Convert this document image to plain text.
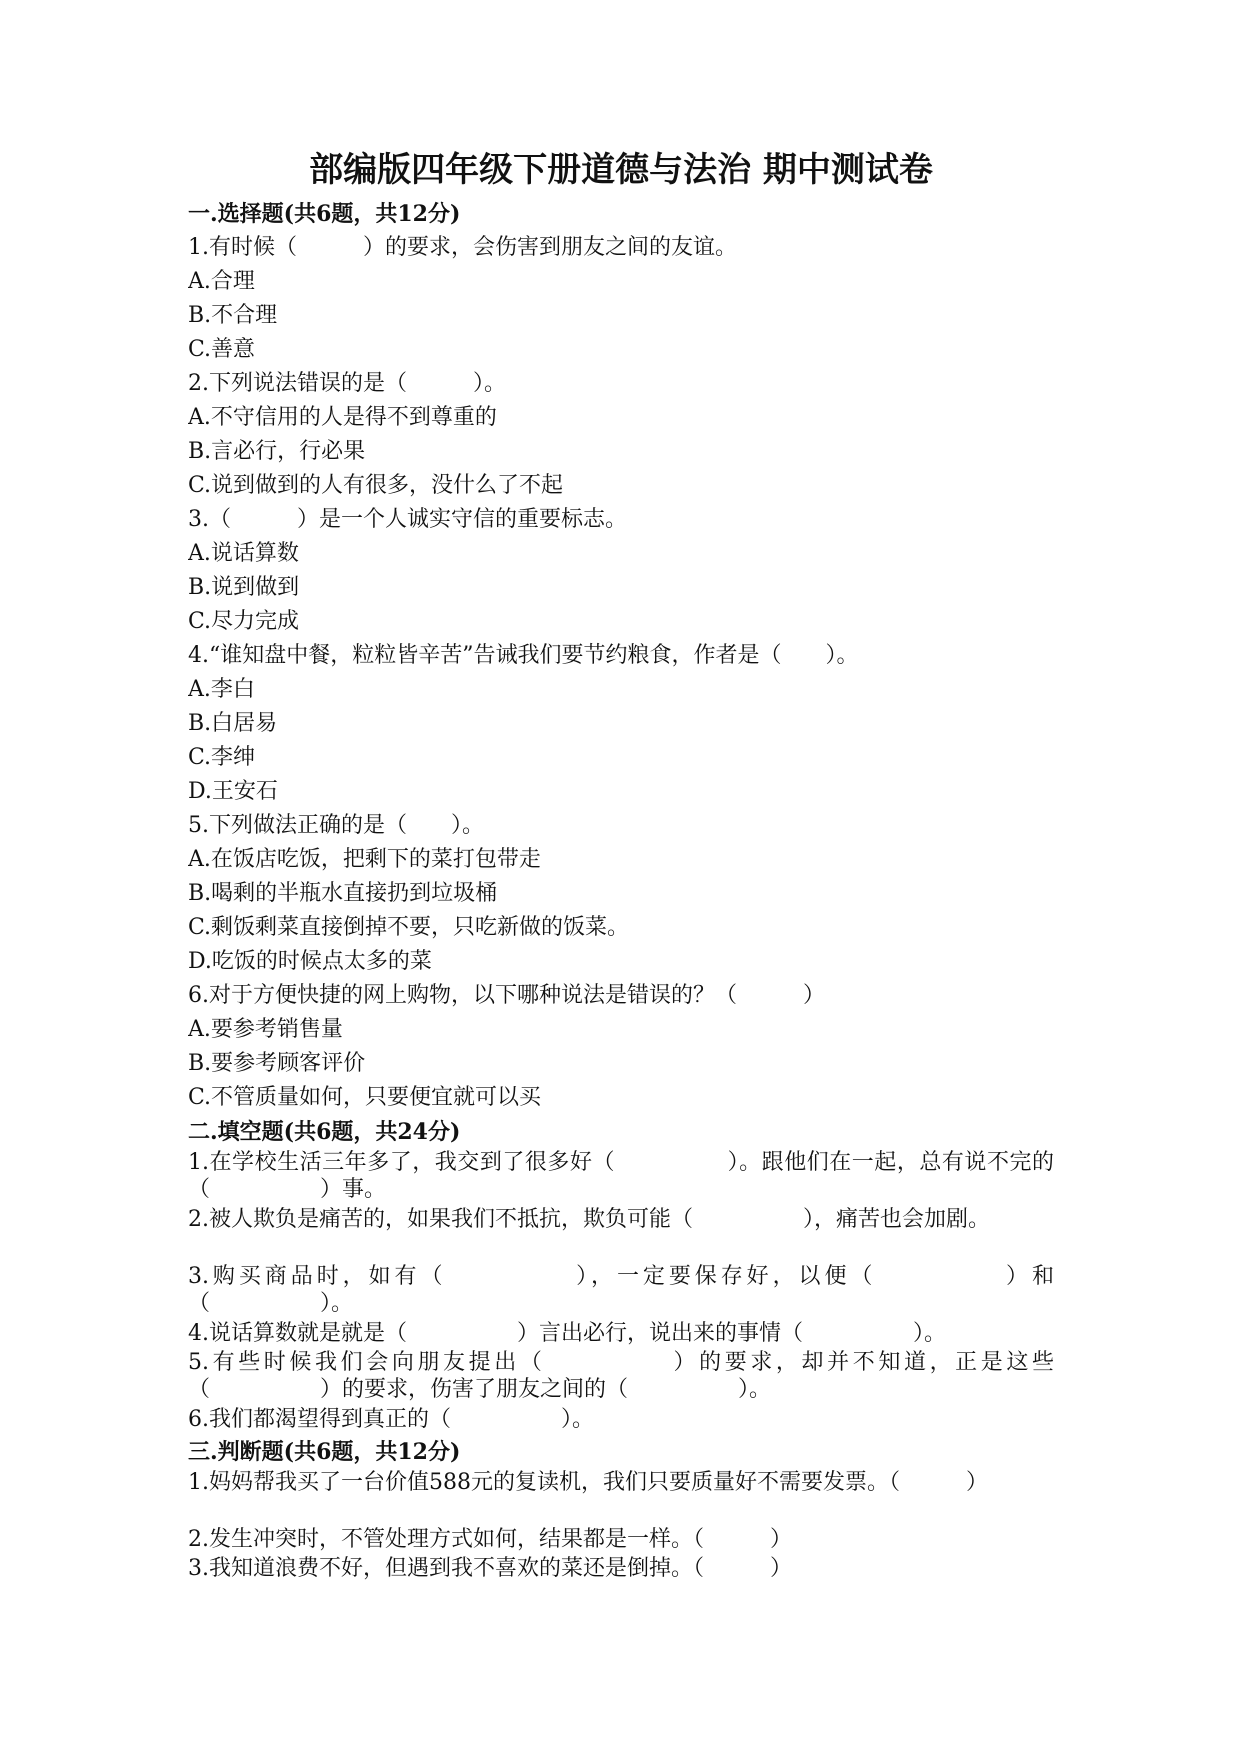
部编版四年级下册道德与法治 期中测试卷
一.选择题(共6题，共12分)
1.有时候（　　　）的要求，会伤害到朋友之间的友谊。
A.合理
B.不合理
C.善意
2.下列说法错误的是（　　　）。
A.不守信用的人是得不到尊重的
B.言必行，行必果
C.说到做到的人有很多，没什么了不起
3.（　　　）是一个人诚实守信的重要标志。
A.说话算数
B.说到做到
C.尽力完成
4.“谁知盘中餐，粒粒皆辛苦”告诫我们要节约粮食，作者是（　　）。
A.李白
B.白居易
C.李绅
D.王安石
5.下列做法正确的是（　　）。
A.在饭店吃饭，把剩下的菜打包带走
B.喝剩的半瓶水直接扔到垃圾桶
C.剩饭剩菜直接倒掉不要，只吃新做的饭菜。
D.吃饭的时候点太多的菜
6.对于方便快捷的网上购物，以下哪种说法是错误的？（　　　）
A.要参考销售量
B.要参考顾客评价
C.不管质量如何，只要便宜就可以买
二.填空题(共6题，共24分)
1.在学校生活三年多了，我交到了很多好（　　　　　）。跟他们在一起，总有说不完的（　　　　　）事。
2.被人欺负是痛苦的，如果我们不抵抗，欺负可能（　　　　　），痛苦也会加剧。
3.购买商品时，如有（　　　　　），一定要保存好，以便（　　　　　）和（　　　　　）。
4.说话算数就是就是（　　　　　）言出必行，说出来的事情（　　　　　）。
5.有些时候我们会向朋友提出（　　　　　）的要求，却并不知道，正是这些（　　　　　）的要求，伤害了朋友之间的（　　　　　）。
6.我们都渴望得到真正的（　　　　　）。
三.判断题(共6题，共12分)
1.妈妈帮我买了一台价值588元的复读机，我们只要质量好不需要发票。（　　　）
2.发生冲突时，不管处理方式如何，结果都是一样。（　　　）
3.我知道浪费不好，但遇到我不喜欢的菜还是倒掉。（　　　）
